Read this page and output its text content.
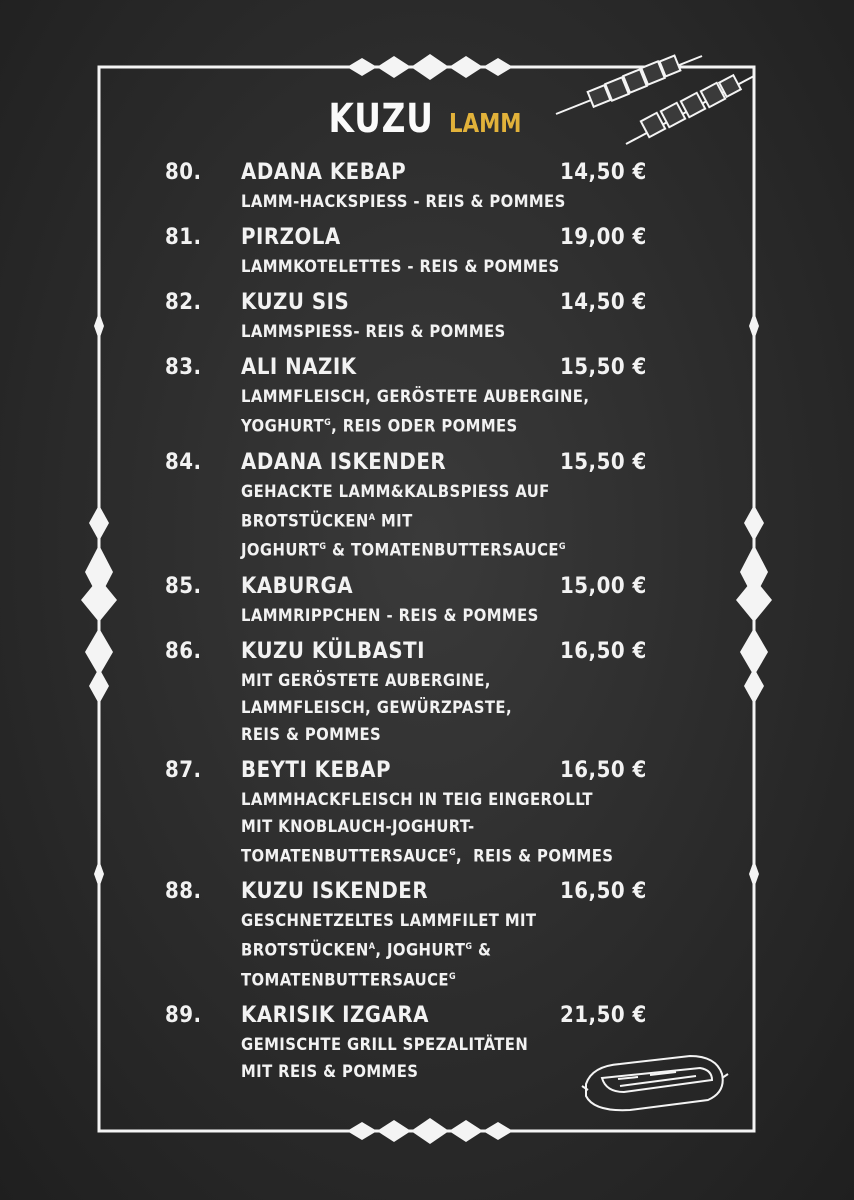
KUZU LAMM
80. ADANA KEBAP	14,50 €
LAMM-HACKSPIESS - REIS & POMMES
81. PIRZOLA	19,00 €
LAMMKOTELETTES - REIS & POMMES
82. KUZU SIS	14,50 €
LAMMSPIESS- REIS & POMMES
83. ALI NAZIK	15,50 €
LAMMFLEISCH, GERÖSTETE AUBERGINE,
$YOGHURT^G$, REIS ODER POMMES
84. ADANA ISKENDER	15,50 €
GEHACKTE LAMM&KALBSPIESS AUF
$BROTSTÜCKEN^A$ MIT
$JOGHURT^G$ & $TOMATENBUTTERSAUCE^G$
85. KABURGA	15,00 €
LAMMRIPPCHEN - REIS & POMMES
86. KUZU KÜLBASTI	16,50 €
MIT GERÖSTETE AUBERGINE,
LAMMFLEISCH, GEWÜRZPASTE,
REIS & POMMES
87. BEYTI KEBAP	16,50 €
LAMMHACKFLEISCH IN TEIG EINGEROLLT
MIT KNOBLAUCH-JOGHURT-
$TOMATENBUTTERSAUCE^G$,  REIS & POMMES
88. KUZU ISKENDER	16,50 €
GESCHNETZELTES LAMMFILET MIT
$BROTSTÜCKEN^A$, $JOGHURT^G$ &
$TOMATENBUTTERSAUCE^G$
89. KARISIK IZGARA	21,50 €
GEMISCHTE GRILL SPEZALITÄTEN
MIT REIS & POMMES
